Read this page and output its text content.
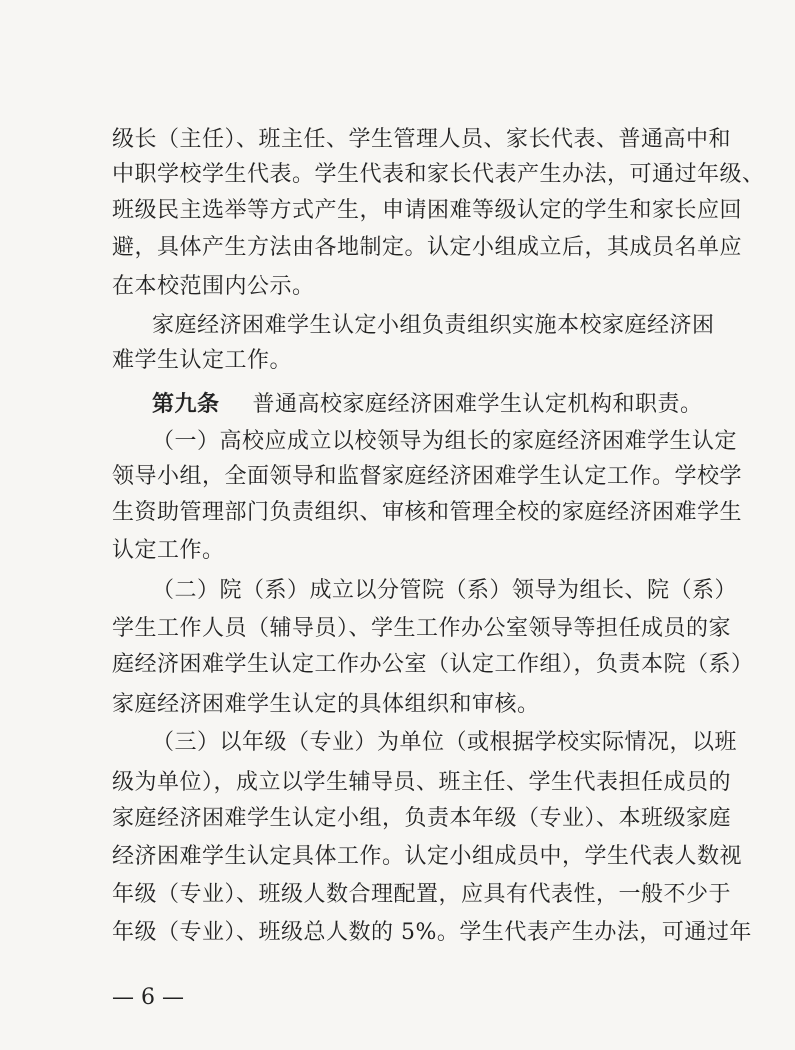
级长（主任）、班主任、学生管理人员、家长代表、普通高中和
中职学校学生代表。学生代表和家长代表产生办法，可通过年级、
班级民主选举等方式产生，申请困难等级认定的学生和家长应回
避，具体产生方法由各地制定。认定小组成立后，其成员名单应
在本校范围内公示。
家庭经济困难学生认定小组负责组织实施本校家庭经济困
难学生认定工作。
第九条 普通高校家庭经济困难学生认定机构和职责。
（一）高校应成立以校领导为组长的家庭经济困难学生认定
领导小组，全面领导和监督家庭经济困难学生认定工作。学校学
生资助管理部门负责组织、审核和管理全校的家庭经济困难学生
认定工作。
（二）院（系）成立以分管院（系）领导为组长、院（系）
学生工作人员（辅导员）、学生工作办公室领导等担任成员的家
庭经济困难学生认定工作办公室（认定工作组），负责本院（系）
家庭经济困难学生认定的具体组织和审核。
（三）以年级（专业）为单位（或根据学校实际情况，以班
级为单位），成立以学生辅导员、班主任、学生代表担任成员的
家庭经济困难学生认定小组，负责本年级（专业）、本班级家庭
经济困难学生认定具体工作。认定小组成员中，学生代表人数视
年级（专业）、班级人数合理配置，应具有代表性，一般不少于
年级（专业）、班级总人数的 5%。学生代表产生办法，可通过年
— 6 —
